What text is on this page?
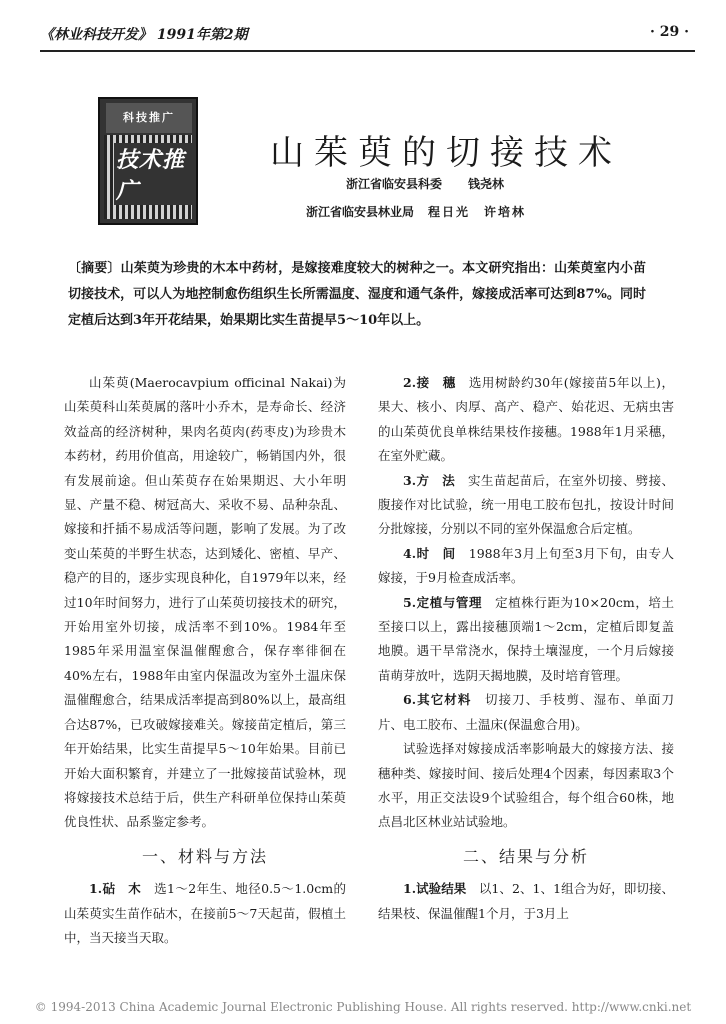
《林业科技开发》 1991年第2期	· 29 ·
科技推广
技术推广
山茱萸的切接技术
浙江省临安县科委 钱尧林
浙江省临安县林业局 程日光　许培林
〔摘要〕山茱萸为珍贵的木本中药材，是嫁接难度较大的树种之一。本文研究指出：山茱萸室内小苗切接技术，可以人为地控制愈伤组织生长所需温度、湿度和通气条件，嫁接成活率可达到87%。同时定植后达到3年开花结果，始果期比实生苗提早5～10年以上。

山茱萸(Maerocavpium officinal Nakai)为山茱萸科山茱萸属的落叶小乔木，是寿命长、经济效益高的经济树种，果肉名萸肉(药枣皮)为珍贵木本药材，药用价值高，用途较广，畅销国内外，很有发展前途。但山茱萸存在始果期迟、大小年明显、产量不稳、树冠高大、采收不易、品种杂乱、嫁接和扦插不易成活等问题，影响了发展。为了改变山茱萸的半野生状态，达到矮化、密植、早产、稳产的目的，逐步实现良种化，自1979年以来，经过10年时间努力，进行了山茱萸切接技术的研究，开始用室外切接，成活率不到10%。1984年至1985年采用温室保温催醒愈合，保存率徘徊在40%左右，1988年由室内保温改为室外土温床保温催醒愈合，结果成活率提高到80%以上，最高组合达87%，已攻破嫁接难关。嫁接苗定植后，第三年开始结果，比实生苗提早5～10年始果。目前已开始大面积繁育，并建立了一批嫁接苗试验林，现将嫁接技术总结于后，供生产科研单位保持山茱萸优良性状、品系鉴定参考。

一、材料与方法

1.砧　木　 选1～2年生、地径0.5～1.0cm的山茱萸实生苗作砧木，在接前5～7天起苗，假植土中，当天接当天取。

2.接　穗　 选用树龄约30年(嫁接苗5年以上)，果大、核小、肉厚、高产、稳产、始花迟、无病虫害的山茱萸优良单株结果枝作接穗。1988年1月采穗，在室外贮藏。

3.方　法　 实生苗起苗后，在室外切接、劈接、腹接作对比试验，统一用电工胶布包扎，按设计时间分批嫁接，分别以不同的室外保温愈合后定植。

4.时　间　 1988年3月上旬至3月下旬，由专人嫁接，于9月检查成活率。

5.定植与管理　 定植株行距为10×20cm，培土至接口以上，露出接穗顶端1～2cm，定植后即复盖地膜。遇干旱常浇水，保持土壤湿度，一个月后嫁接苗萌芽放叶，选阴天揭地膜，及时培育管理。

6.其它材料　 切接刀、手枝剪、湿布、单面刀片、电工胶布、土温床(保温愈合用)。

试验选择对嫁接成活率影响最大的嫁接方法、接穗种类、嫁接时间、接后处理4个因素，每因素取3个水平，用正交法设9个试验组合，每个组合60株，地点昌北区林业站试验地。

二、结果与分析

1.试验结果　 以1、2、1、1组合为好，即切接、结果枝、保温催醒1个月，于3月上

© 1994-2013 China Academic Journal Electronic Publishing House. All rights reserved. http://www.cnki.net
